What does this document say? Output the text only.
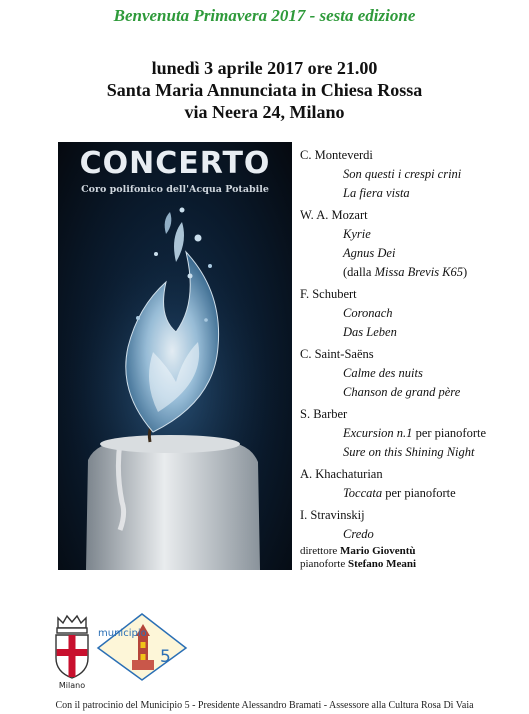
Benvenuta Primavera 2017 - sesta edizione
lunedì 3 aprile 2017 ore 21.00
Santa Maria Annunciata in Chiesa Rossa
via Neera 24, Milano
CONCERTO
Coro polifonico dell'Acqua Potabile
C. Monteverdi
Son questi i crespi crini
La fiera vista
W. A. Mozart
Kyrie
Agnus Dei
(dalla Missa Brevis K65)
F. Schubert
Coronach
Das Leben
C. Saint-Saëns
Calme des nuits
Chanson de grand père
S. Barber
Excursion n.1 per pianoforte
Sure on this Shining Night
A. Khachaturian
Toccata per pianoforte
I. Stravinskij
Credo
direttore Mario Gioventù
pianoforte Stefano Meani
Milano
municipio
5
Con il patrocinio del Municipio 5 - Presidente Alessandro Bramati - Assessore alla Cultura Rosa Di Vaia
